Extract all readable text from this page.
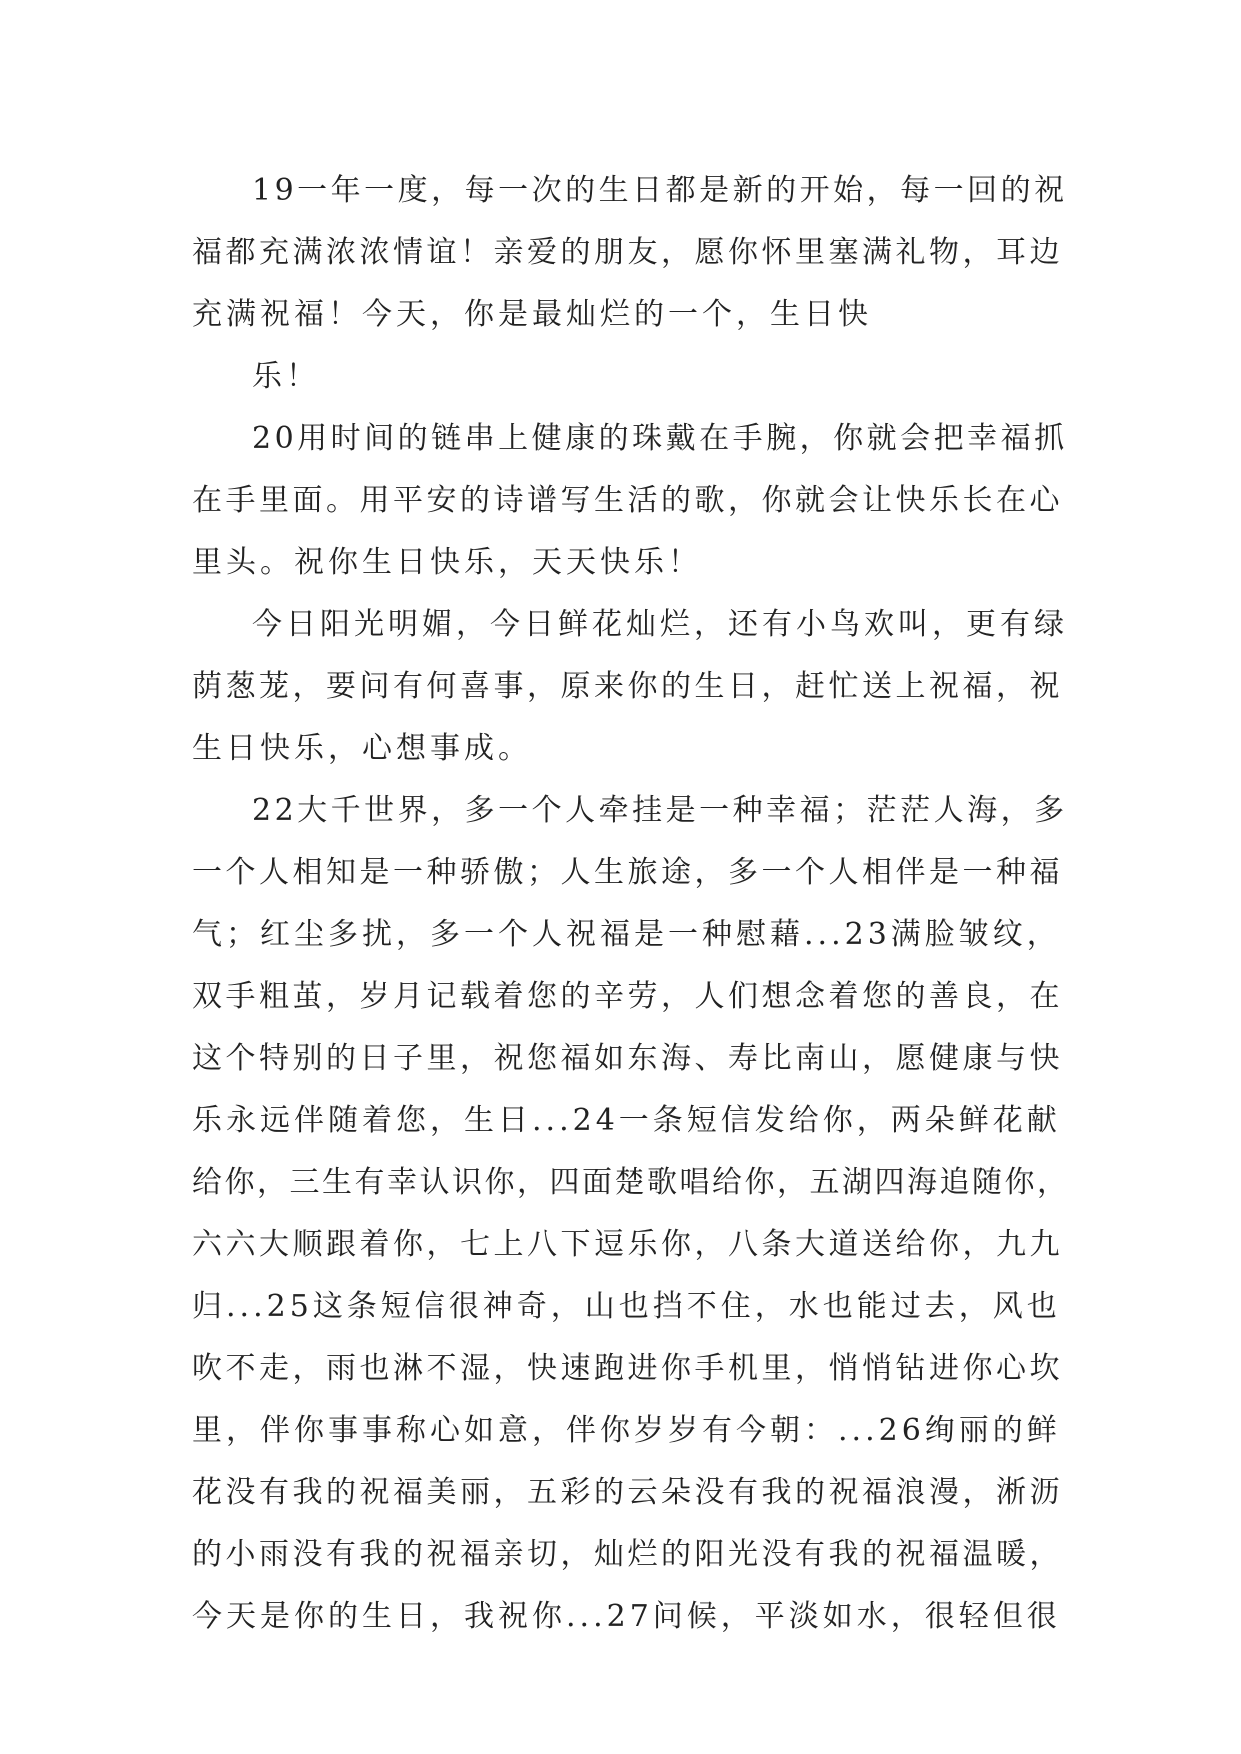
19一年一度，每一次的生日都是新的开始，每一回的祝
福都充满浓浓情谊！亲爱的朋友，愿你怀里塞满礼物，耳边
充满祝福！今天，你是最灿烂的一个，生日快
乐！
20用时间的链串上健康的珠戴在手腕，你就会把幸福抓
在手里面。用平安的诗谱写生活的歌，你就会让快乐长在心
里头。祝你生日快乐，天天快乐！
今日阳光明媚，今日鲜花灿烂，还有小鸟欢叫，更有绿
荫葱茏，要问有何喜事，原来你的生日，赶忙送上祝福，祝
生日快乐，心想事成。
22大千世界，多一个人牵挂是一种幸福；茫茫人海，多
一个人相知是一种骄傲；人生旅途，多一个人相伴是一种福
气；红尘多扰，多一个人祝福是一种慰藉...23满脸皱纹，
双手粗茧，岁月记载着您的辛劳，人们想念着您的善良，在
这个特别的日子里，祝您福如东海、寿比南山，愿健康与快
乐永远伴随着您，生日...24一条短信发给你，两朵鲜花献
给你，三生有幸认识你，四面楚歌唱给你，五湖四海追随你，
六六大顺跟着你，七上八下逗乐你，八条大道送给你，九九
归...25这条短信很神奇，山也挡不住，水也能过去，风也
吹不走，雨也淋不湿，快速跑进你手机里，悄悄钻进你心坎
里，伴你事事称心如意，伴你岁岁有今朝：...26绚丽的鲜
花没有我的祝福美丽，五彩的云朵没有我的祝福浪漫，淅沥
的小雨没有我的祝福亲切，灿烂的阳光没有我的祝福温暖，
今天是你的生日，我祝你...27问候，平淡如水，很轻但很
